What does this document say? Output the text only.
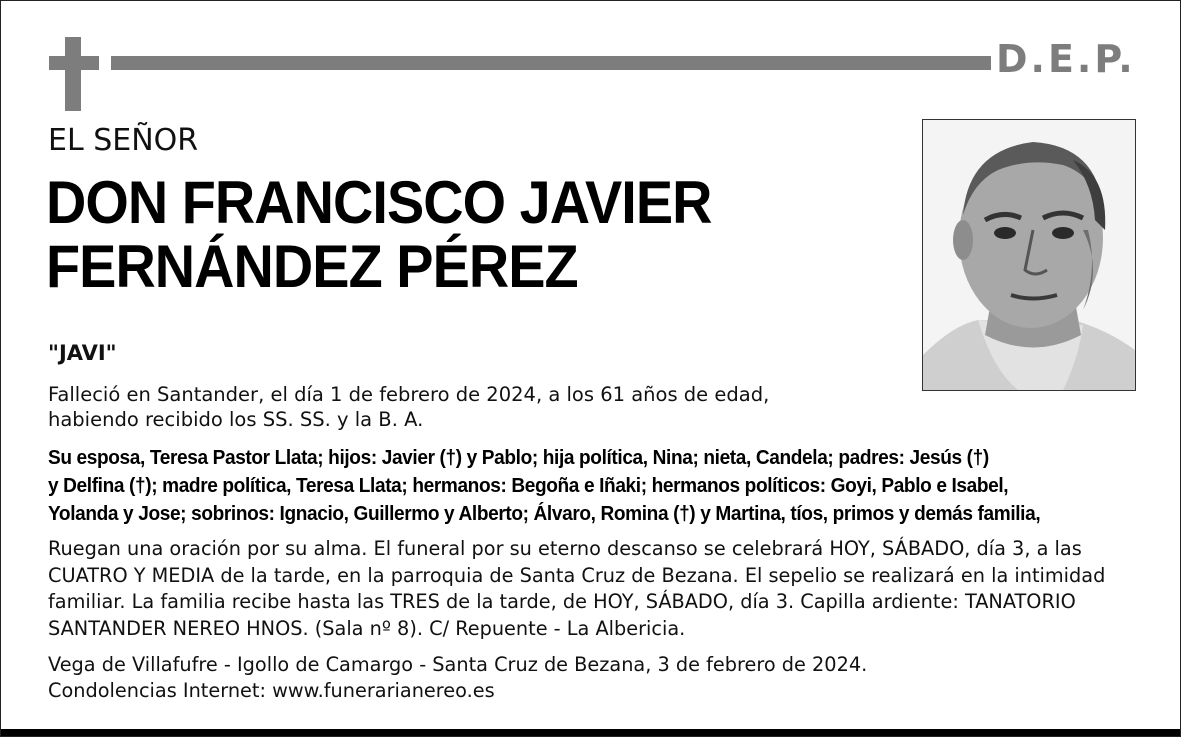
D.E.P.
EL SEÑOR
DON FRANCISCO JAVIER
FERNÁNDEZ PÉREZ
"JAVI"
Falleció en Santander, el día 1 de febrero de 2024, a los 61 años de edad,
habiendo recibido los SS. SS. y la B. A.
Su esposa, Teresa Pastor Llata; hijos: Javier (†) y Pablo; hija política, Nina; nieta, Candela; padres: Jesús (†)
y Delfina (†); madre política, Teresa Llata; hermanos: Begoña e Iñaki; hermanos políticos: Goyi, Pablo e Isabel,
Yolanda y Jose; sobrinos: Ignacio, Guillermo y Alberto; Álvaro, Romina (†) y Martina, tíos, primos y demás familia,
Ruegan una oración por su alma. El funeral por su eterno descanso se celebrará HOY, SÁBADO, día 3, a las
CUATRO Y MEDIA de la tarde, en la parroquia de Santa Cruz de Bezana. El sepelio se realizará en la intimidad
familiar. La familia recibe hasta las TRES de la tarde, de HOY, SÁBADO, día 3. Capilla ardiente: TANATORIO
SANTANDER NEREO HNOS. (Sala nº 8). C/ Repuente - La Albericia.
Vega de Villafufre - Igollo de Camargo - Santa Cruz de Bezana, 3 de febrero de 2024.
Condolencias Internet: www.funerarianereo.es
